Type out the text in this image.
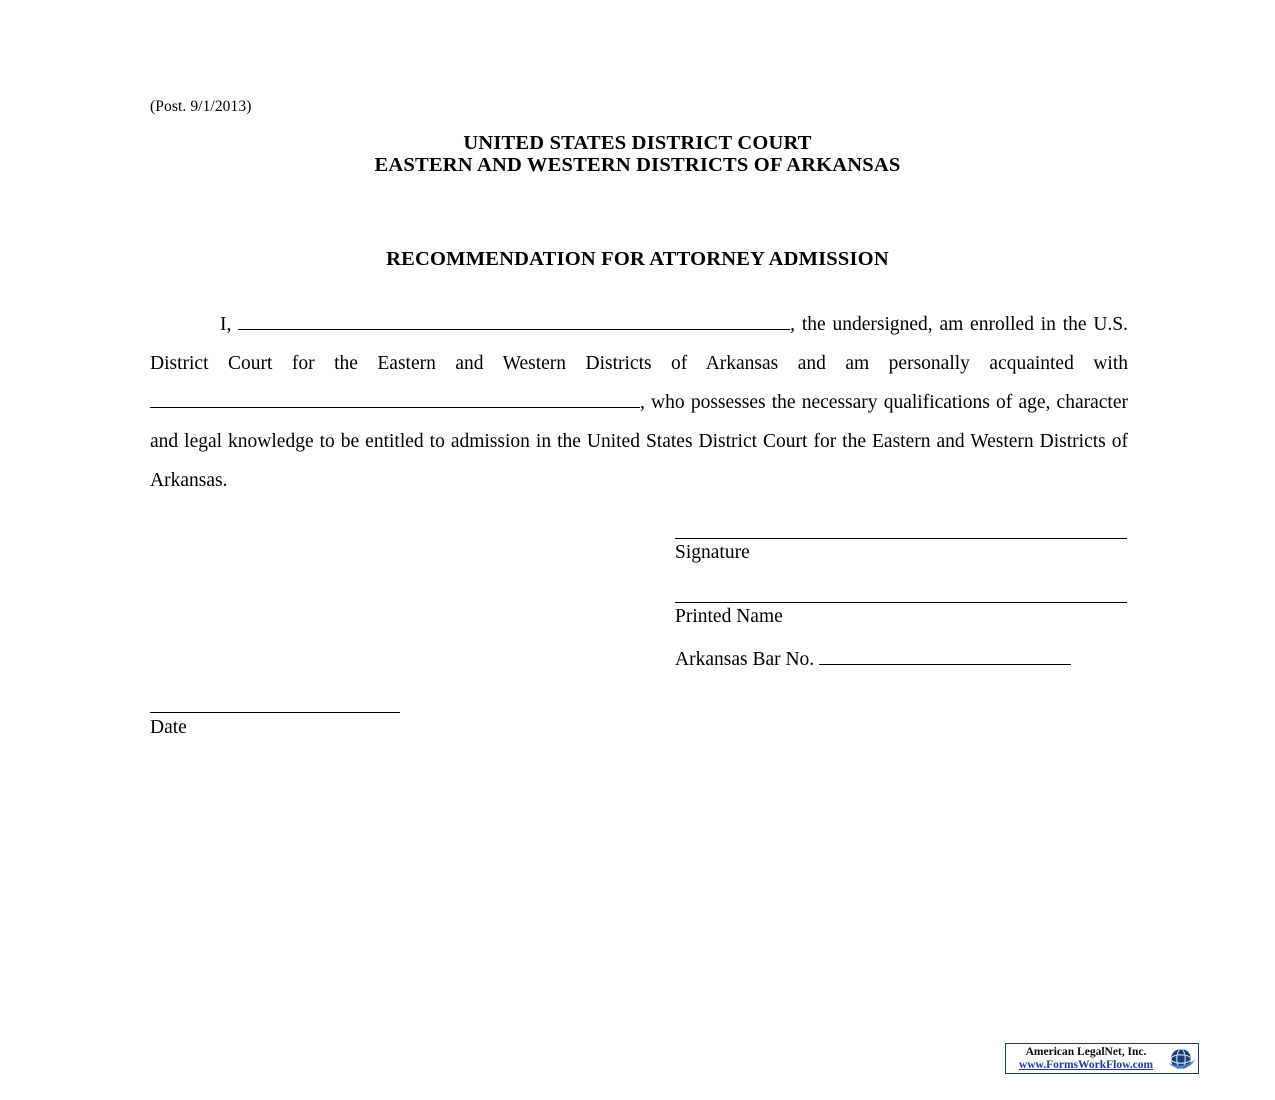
(Post. 9/1/2013)
UNITED STATES DISTRICT COURT
EASTERN AND WESTERN DISTRICTS OF ARKANSAS
RECOMMENDATION FOR ATTORNEY ADMISSION
I,	, the undersigned, am enrolled in the U.S. District Court for the Eastern and Western Districts of Arkansas and am personally acquainted with , who possesses the necessary qualifications of age, character and legal knowledge to be entitled to admission in the United States District Court for the Eastern and Western Districts of Arkansas.
Signature
Printed Name
Arkansas Bar No.
Date
American LegalNet, Inc.
www.FormsWorkFlow.com
